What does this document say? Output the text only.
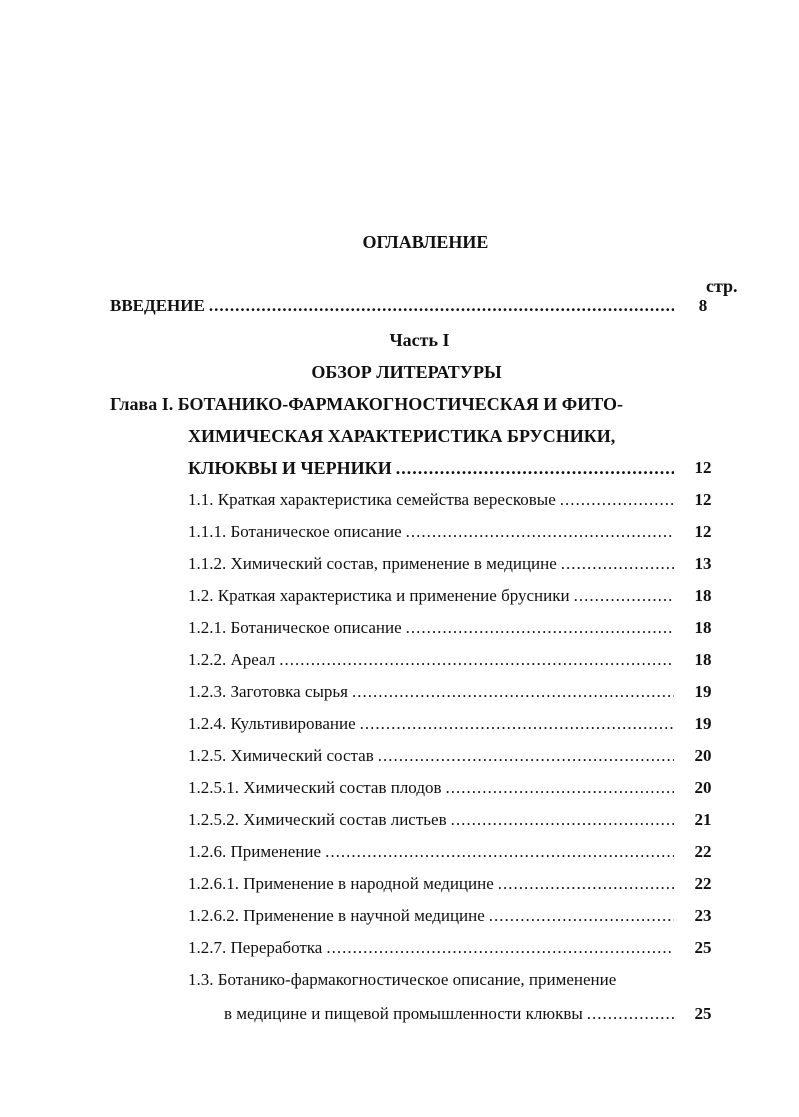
ОГЛАВЛЕНИЕ
стр.
ВВЕДЕНИЕ .....	8
Часть I
ОБЗОР ЛИТЕРАТУРЫ
Глава I. БОТАНИКО-ФАРМАКОГНОСТИЧЕСКАЯ И ФИТО-
ХИМИЧЕСКАЯ ХАРАКТЕРИСТИКА БРУСНИКИ,
КЛЮКВЫ И ЧЕРНИКИ .....	12
1.1. Краткая характеристика семейства вересковые .....	12
1.1.1. Ботаническое описание .....	12
1.1.2. Химический состав, применение в медицине .....	13
1.2. Краткая характеристика и применение брусники .....	18
1.2.1. Ботаническое описание .....	18
1.2.2. Ареал .....	18
1.2.3. Заготовка сырья .....	19
1.2.4. Культивирование .....	19
1.2.5. Химический состав .....	20
1.2.5.1. Химический состав плодов .....	20
1.2.5.2. Химический состав листьев .....	21
1.2.6. Применение .....	22
1.2.6.1. Применение в народной медицине .....	22
1.2.6.2. Применение в научной медицине .....	23
1.2.7. Переработка .....	25
1.3. Ботанико-фармакогностическое описание, применение
в медицине и пищевой промышленности клюквы .....	25
